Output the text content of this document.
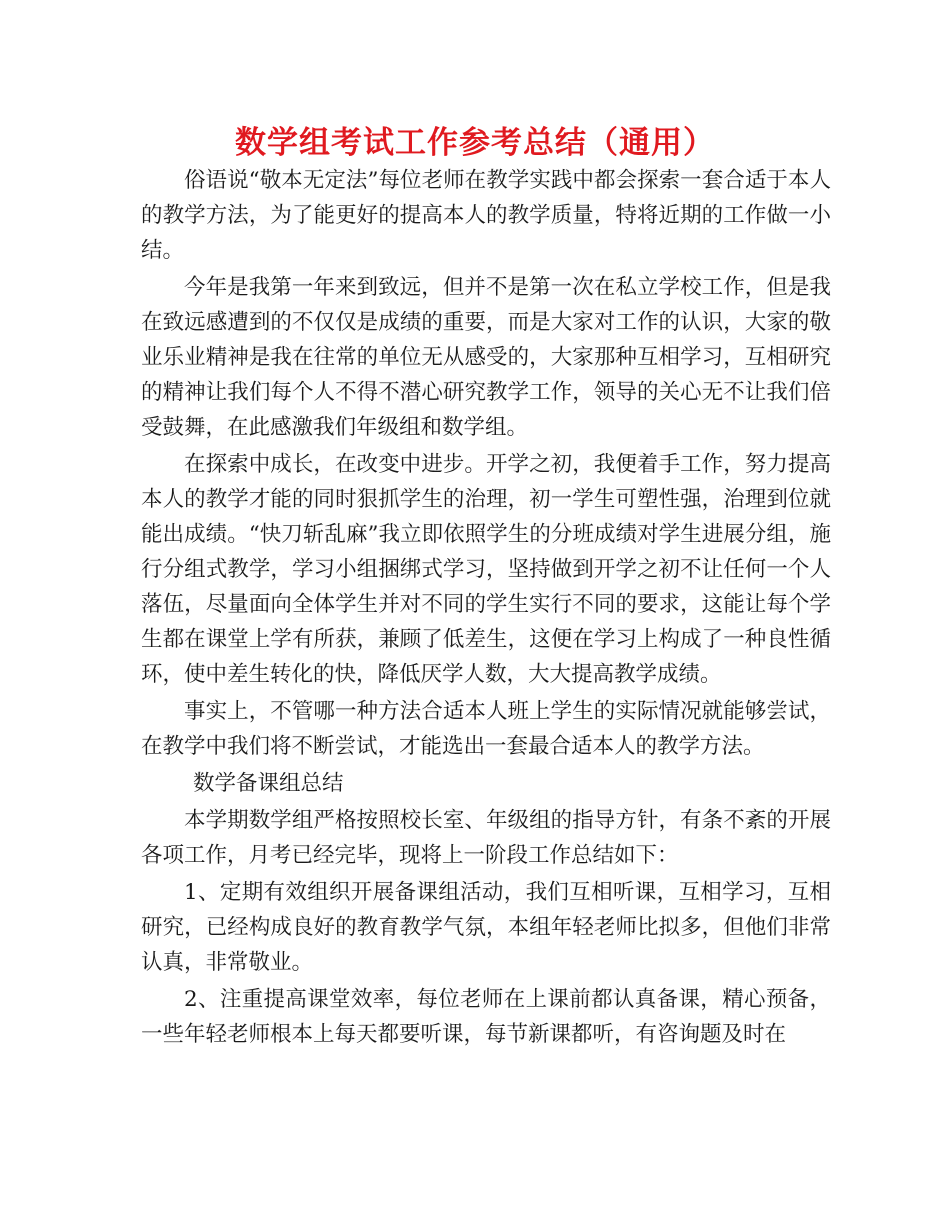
数学组考试工作参考总结（通用）

俗语说“敬本无定法”每位老师在教学实践中都会探索一套合适于本人的教学方法，为了能更好的提高本人的教学质量，特将近期的工作做一小结。

今年是我第一年来到致远，但并不是第一次在私立学校工作，但是我在致远感遭到的不仅仅是成绩的重要，而是大家对工作的认识，大家的敬业乐业精神是我在往常的单位无从感受的，大家那种互相学习，互相研究的精神让我们每个人不得不潜心研究教学工作，领导的关心无不让我们倍受鼓舞，在此感激我们年级组和数学组。

在探索中成长，在改变中进步。开学之初，我便着手工作，努力提高本人的教学才能的同时狠抓学生的治理，初一学生可塑性强，治理到位就能出成绩。“快刀斩乱麻”我立即依照学生的分班成绩对学生进展分组，施行分组式教学，学习小组捆绑式学习，坚持做到开学之初不让任何一个人落伍，尽量面向全体学生并对不同的学生实行不同的要求，这能让每个学生都在课堂上学有所获，兼顾了低差生，这便在学习上构成了一种良性循环，使中差生转化的快，降低厌学人数，大大提高教学成绩。

事实上，不管哪一种方法合适本人班上学生的实际情况就能够尝试，在教学中我们将不断尝试，才能选出一套最合适本人的教学方法。

数学备课组总结

本学期数学组严格按照校长室、年级组的指导方针，有条不紊的开展各项工作，月考已经完毕，现将上一阶段工作总结如下：

1、定期有效组织开展备课组活动，我们互相听课，互相学习，互相研究，已经构成良好的教育教学气氛，本组年轻老师比拟多，但他们非常认真，非常敬业。

2、注重提高课堂效率，每位老师在上课前都认真备课，精心预备，一些年轻老师根本上每天都要听课，每节新课都听，有咨询题及时在
